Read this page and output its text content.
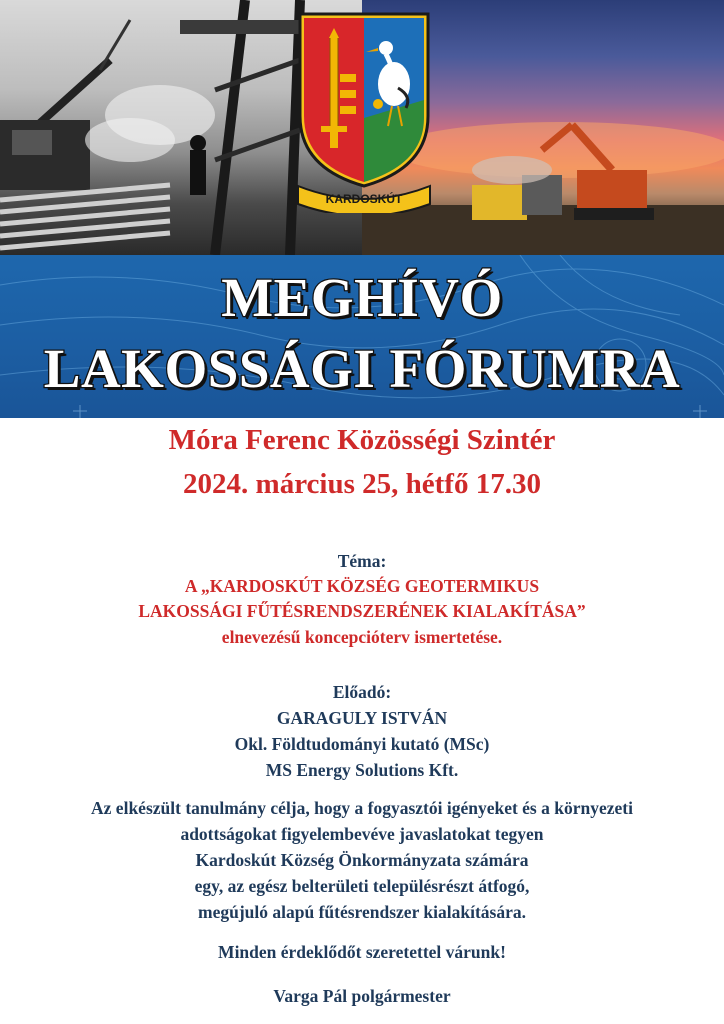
KARDOSKÚT
MEGHÍVÓ
LAKOSSÁGI FÓRUMRA

Móra Ferenc Közösségi Szintér

2024. március 25, hétfő 17.30

Téma:

A „KARDOSKÚT KÖZSÉG GEOTERMIKUS

LAKOSSÁGI FŰTÉSRENDSZERÉNEK KIALAKÍTÁSA”

elnevezésű koncepcióterv ismertetése.

Előadó:

GARAGULY ISTVÁN

Okl. Földtudományi kutató (MSc)

MS Energy Solutions Kft.

Az elkészült tanulmány célja, hogy a fogyasztói igényeket és a környezeti

adottságokat figyelembevéve javaslatokat tegyen

Kardoskút Község Önkormányzata számára

egy, az egész belterületi településrészt átfogó,

megújuló alapú fűtésrendszer kialakítására.

Minden érdeklődőt szeretettel várunk!

Varga Pál polgármester
